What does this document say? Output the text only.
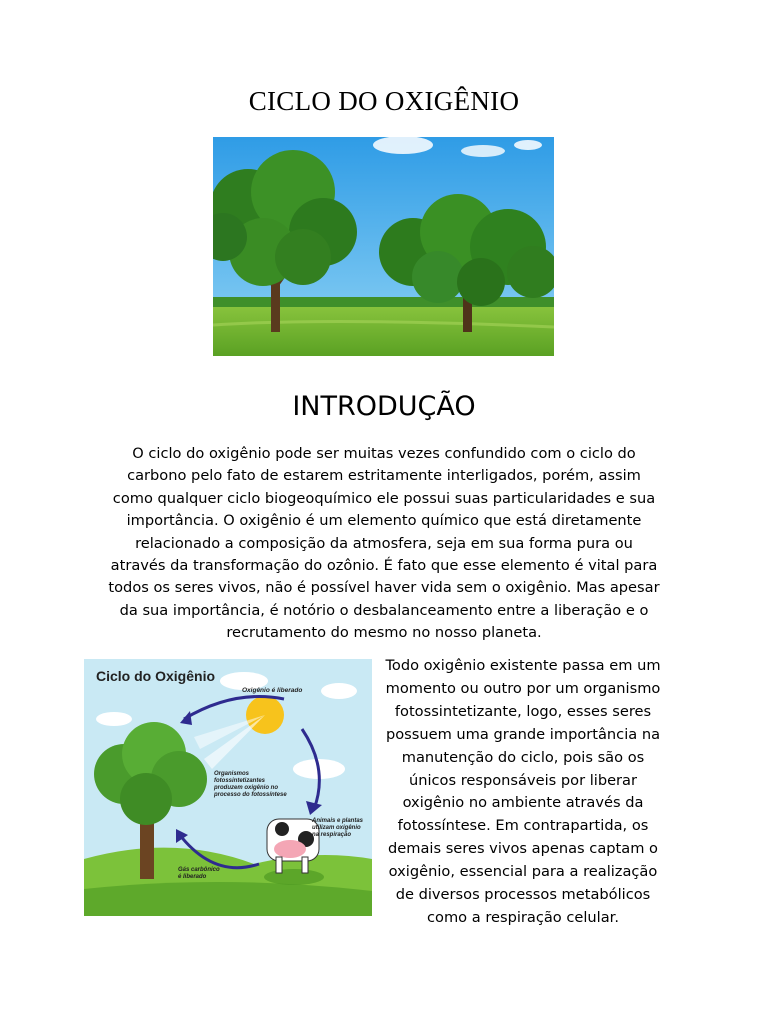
CICLO DO OXIGÊNIO
INTRODUÇÃO

O ciclo do oxigênio pode ser muitas vezes confundido com o ciclo do carbono pelo fato de estarem estritamente interligados, porém, assim como qualquer ciclo biogeoquímico ele possui suas particularidades e sua importância. O oxigênio é um elemento químico que está diretamente relacionado a composição da atmosfera, seja em sua forma pura ou através da transformação do ozônio. É fato que esse elemento é vital para todos os seres vivos, não é possível haver vida sem o oxigênio. Mas apesar da sua importância, é notório o desbalanceamento entre a liberação e o recrutamento do mesmo no nosso planeta.

Ciclo do Oxigênio
Oxigênio é liberado
Organismos fotossintetizantes produzem oxigênio no processo do fotossíntese
Animais e plantas utilizam oxigênio na respiração
Gás carbônico é liberado

Todo oxigênio existente passa em um momento ou outro por um organismo fotossintetizante, logo, esses seres possuem uma grande importância na manutenção do ciclo, pois são os únicos responsáveis por liberar oxigênio no ambiente através da fotossíntese. Em contrapartida, os demais seres vivos apenas captam o oxigênio, essencial para a realização de diversos processos metabólicos como a respiração celular.
